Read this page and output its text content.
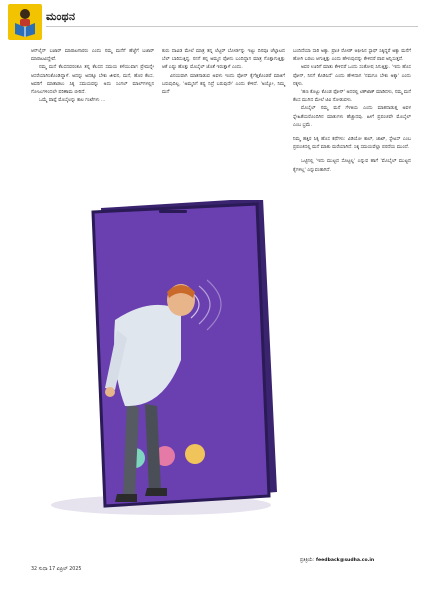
ಮಂಥನ

ಆನ್‌ಲೈನ್ ಬಜಾರ್ ಮಾರಾಟಗಾರರು ಎಂದು ನಮ್ಮ ಮನೆಗೆ ಹೆಜ್ಜೆಗೆ ಬಜಾರ್ ಮಾರಾಟವಿದ್ದೇವೆ.

ನಮ್ಮ ಮನೆ ಕೆಲಸದವರಂತೂ ತನ್ನ ಕೆಲಸದ ಸಮಯ ಕಳೆಯುವಾಗ ಪ್ರೇಮನ್ನೇ ಆಸರೆಯಾಗಿಸಿಕೊಂಡಿದ್ದಾಳೆ. ಅದನ್ನು ಅದಕ್ಕೂ ಬೇಕು ಜೀವನ, ಮನೆ, ಹೊರ ಕೆಲಸ. ಅವರಿಗೆ ಮಾತಾಡಲು ಸಿಕ್ಕ ಸಮಯವನ್ನು ಅದು ಸಿಂಗಲ್ ಮಾಲ್‌ಗಳಲ್ಲಿನ ಗೋಜುಗಳಿಂದಲೇ ಪರಿಣಾಮ ಬೀರಿದೆ.

ಒಮ್ಮೆ ಪಾಪ್ಪೆ ಮೊಬೈಲನ್ನು ಕಾಲ ಗಂಟೆಗಳು ...

ಕುರು ದಾವಿಡ ಮೇಲೆ ಮಾತ್ರ ತನ್ನ ಲೆಟ್ಟರ್ ಬೋರ್ಡನ್ನು ಇಟ್ಟು ದಿನವೂ ಚೆಲ್ಲಾಟದ ಬೆಲ್ ಬಾರಿಸುತ್ತಿದ್ದ. ನನಗೆ ತನ್ನ ಅಮ್ಮನ ಫೋನು ಬಂದಿದ್ದಾಗ ಮಾತ್ರ ಗೊತ್ತಾಗುತ್ತಿತ್ತು ಆಕೆ ಎಷ್ಟು ಹೊತ್ತು ಮೊಬೈಲ್ ಜೊತೆ ಇರುತ್ತಾಳೆ ಎಂದು.

ವಿನಯವಾಗಿ ಮಾತನಾಡುವ ಅವಳು ಇಂದು ಫೋನ್ ಕೈಗೆತ್ತಿಕೊಂಡರೆ ಮಾತಿಗೆ ಬರುವುದಿಲ್ಲ. 'ಅಮ್ಮನಿಗೆ ಕಷ್ಟ ನಿದ್ರೆ ಬರುವುದೇ' ಎಂದು ಕೇಳಿದೆ. 'ಅಯ್ಯೋ, ನಿಮ್ಮ ಮನೆ'

ಬಂದಿದೆಯಾ ಸಾರಿ ಅಕ್ಕಾ. ಪ್ರಾಚ ರೋಡ್ ಆಫೀಸಿನ ಸ್ಟಾಫ್ ಸಿಕ್ಕಿದ್ದರೆ ಅಕ್ಕಾ ಮನೆಗೆ ಹೋಗಿ ಬರಲು ಆಗುತ್ತಿತ್ತು ಎಂದು ಹೇಳುವುದನ್ನು ಕೇಳಿದರೆ ಪಾಪ ಅನ್ನಿಸುತ್ತದೆ.

ಅವರ ಊರಿಗೆ ಮಾತು ಕೇಳಿದರೆ ಒಂದು ಸಂತೋಷ ಸಿಗುತ್ತಿತ್ತು. 'ಇದು ಹೊಸ ಫೋನ್, ನಿನಗೆ ಕೊಡಿಸಿದೆ' ಎಂದು ಹೇಳಿದಾಗ 'ನಮಗೂ ಬೇಕು ಅಕ್ಕಾ' ಎಂದು ನಕ್ಕಳು.

'ಹಣ ಕೊಟ್ಟು ಕೊಂಡ ಫೋನ್' ಅದರಲ್ಲಿ ಟಿಕ್‌ಟಾಕ್ ಮಾಡಿದಳು, ನಮ್ಮ ಮನೆ ಕೆಲಸ ಮುಗಿದ ಮೇಲೆ ಟಿವಿ ನೋಡುವಳು.

ಮೊಬೈಲ್ ನಮ್ಮ ಮನೆ ಗೆಳತಿಯ ಎಂದು ಮಾತನಾಡುತ್ತ ಅವಳ ಸ್ನೇಹಿತೆಯರೊಂದಿಗಿನ ಮಾತುಗಳು ಹೆಚ್ಚಾದವು. ಹೀಗೆ ಪ್ರಪಂಚವೇ ಮೊಬೈಲ್ ಎಂಬ ಭ್ರಮೆ.

ನಿಮ್ಮ ಹತ್ತಿರ ಸಿಕ್ಕ ಹೊಸ ಕಥೆಗಳು: ವಿಡಿಯೋ ಕಾಲ್, ಚಾಟ್, ಸ್ಟೇಟಸ್ ಎಂಬ ಪ್ರಪಂಚದಲ್ಲಿ ಮನೆ ಮಾತು ಮರೆಯಾಗಿದೆ. ಸಿಕ್ಕ ಸಮಯವೆಲ್ಲಾ ಪರದೆಯ ಮುಂದೆ.

ಒಟ್ಟಿನಲ್ಲಿ 'ಇದು ಮುಟ್ಟದ ಸೊಟ್ಟಲ್ಲ' ಎನ್ನುವ ಹಾಗೆ 'ಮೊಬೈಲ್ ಮುಟ್ಟದ ಕೈಗಳಿಲ್ಲ' ಎನ್ನುವಂತಾಗಿದೆ.

ಪ್ರತಿಕ್ರಿಯೆ: feedback@sudha.co.in
32 ಸುಧಾ 17 ಏಪ್ರಿಲ್ 2025
